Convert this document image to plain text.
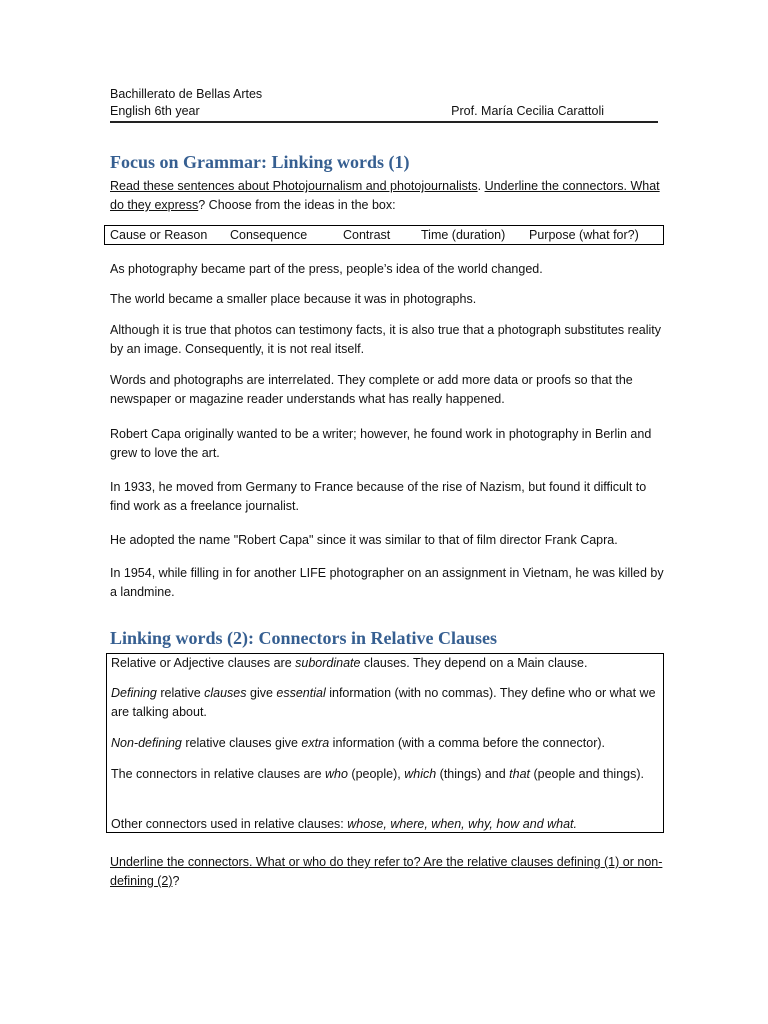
Bachillerato de Bellas Artes
English 6th year	Prof. María Cecilia Carattoli
Focus on Grammar: Linking words (1)
Read these sentences about Photojournalism and photojournalists. Underline the connectors. What do they express? Choose from the ideas in the box:
Cause or Reason Consequence	Contrast Time (duration) Purpose (what for?)
As photography became part of the press, people’s idea of the world changed.
The world became a smaller place because it was in photographs.
Although it is true that photos can testimony facts, it is also true that a photograph substitutes reality by an image. Consequently, it is not real itself.
Words and photographs are interrelated. They complete or add more data or proofs so that the newspaper or magazine reader understands what has really happened.
Robert Capa originally wanted to be a writer; however, he found work in photography in Berlin and grew to love the art.
In 1933, he moved from Germany to France because of the rise of Nazism, but found it difficult to find work as a freelance journalist.
He adopted the name "Robert Capa" since it was similar to that of film director Frank Capra.
In 1954, while filling in for another LIFE photographer on an assignment in Vietnam, he was killed by a landmine.
Linking words (2): Connectors in Relative Clauses
Relative or Adjective clauses are subordinate clauses. They depend on a Main clause.
Defining relative clauses give essential information (with no commas). They define who or what we are talking about.
Non-defining relative clauses give extra information (with a comma before the connector).
The connectors in relative clauses are who (people), which (things) and that (people and things).
Other connectors used in relative clauses: whose, where, when, why, how and what.
Underline the connectors. What or who do they refer to? Are the relative clauses defining (1) or non-defining (2)?
